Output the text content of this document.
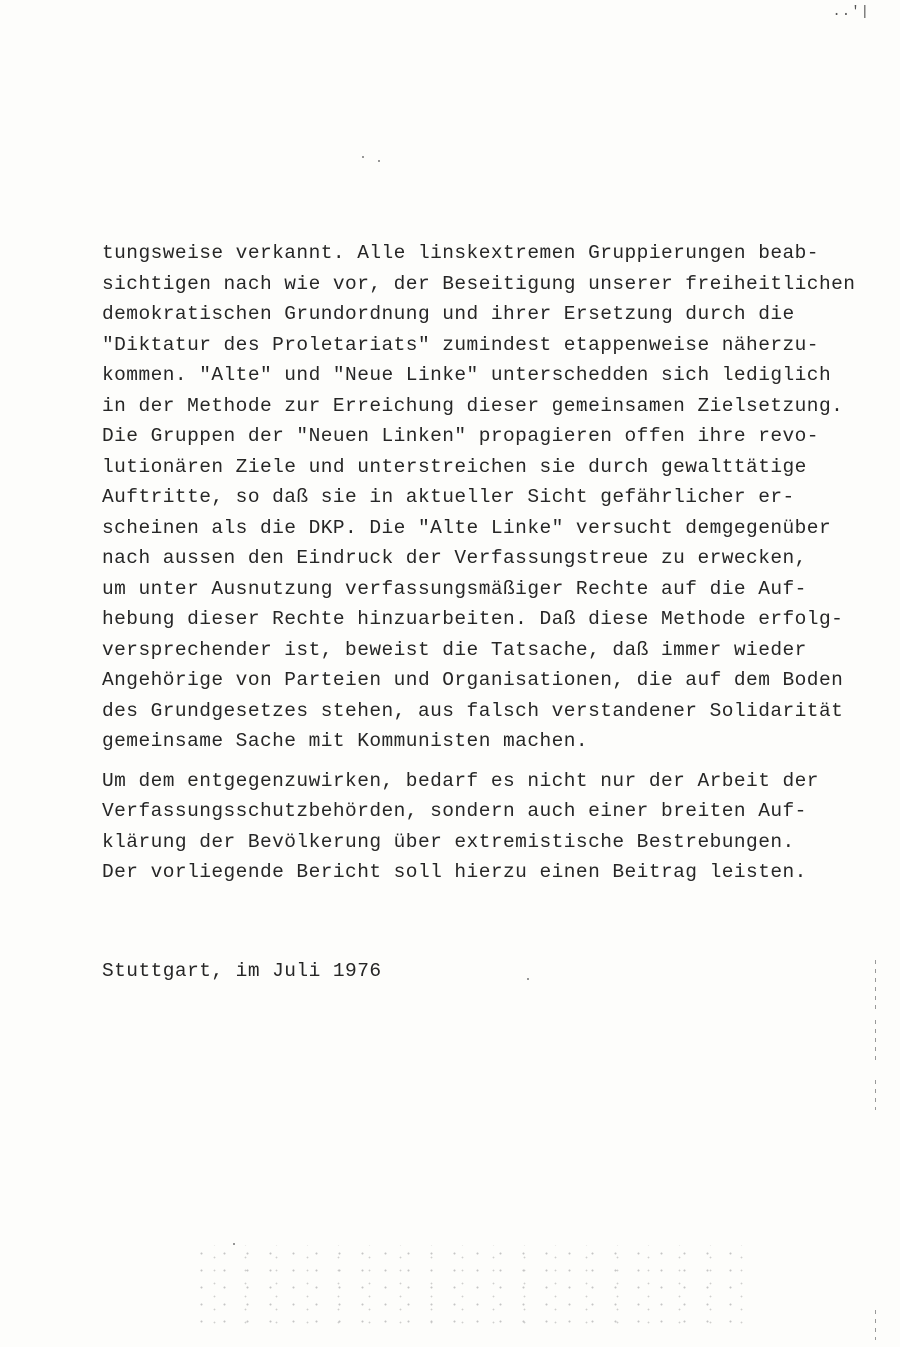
..'|
tungsweise verkannt. Alle linskextremen Gruppierungen beab-
sichtigen nach wie vor, der Beseitigung unserer freiheitlichen
demokratischen Grundordnung und ihrer Ersetzung durch die
"Diktatur des Proletariats" zumindest etappenweise näherzu-
kommen. "Alte" und "Neue Linke" unterschedden sich lediglich
in der Methode zur Erreichung dieser gemeinsamen Zielsetzung.
Die Gruppen der "Neuen Linken" propagieren offen ihre revo-
lutionären Ziele und unterstreichen sie durch gewalttätige
Auftritte, so daß sie in aktueller Sicht gefährlicher er-
scheinen als die DKP. Die "Alte Linke" versucht demgegenüber
nach aussen den Eindruck der Verfassungstreue zu erwecken,
um unter Ausnutzung verfassungsmäßiger Rechte auf die Auf-
hebung dieser Rechte hinzuarbeiten. Daß diese Methode erfolg-
versprechender ist, beweist die Tatsache, daß immer wieder
Angehörige von Parteien und Organisationen, die auf dem Boden
des Grundgesetzes stehen, aus falsch verstandener Solidarität
gemeinsame Sache mit Kommunisten machen.
Um dem entgegenzuwirken, bedarf es nicht nur der Arbeit der
Verfassungsschutzbehörden, sondern auch einer breiten Auf-
klärung der Bevölkerung über extremistische Bestrebungen.
Der vorliegende Bericht soll hierzu einen Beitrag leisten.
Stuttgart, im Juli 1976
